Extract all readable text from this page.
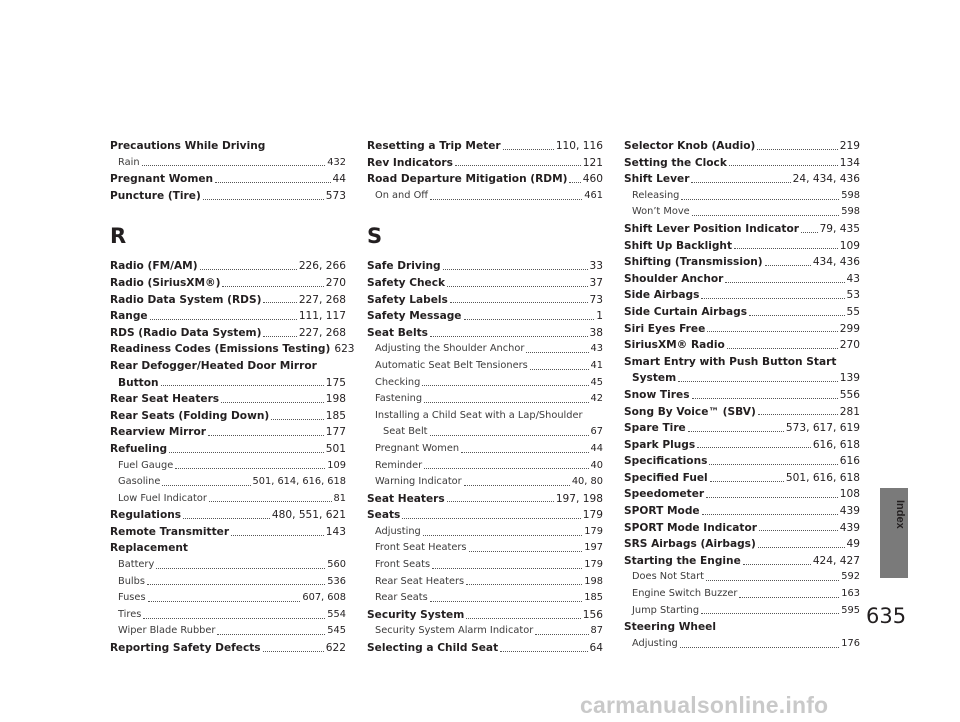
Precautions While Driving
Rain	432
Pregnant Women	44
Puncture (Tire)	573
R
Radio (FM/AM)	226, 266
Radio (SiriusXM®)	270
Radio Data System (RDS)	227, 268
Range	111, 117
RDS (Radio Data System)	227, 268
Readiness Codes (Emissions Testing) 623
Rear Defogger/Heated Door Mirror
Button	175
Rear Seat Heaters	198
Rear Seats (Folding Down)	185
Rearview Mirror	177
Refueling	501
Fuel Gauge	109
Gasoline	501, 614, 616, 618
Low Fuel Indicator	81
Regulations	480, 551, 621
Remote Transmitter	143
Replacement
Battery	560
Bulbs	536
Fuses	607, 608
Tires	554
Wiper Blade Rubber	545
Reporting Safety Defects	622
Resetting a Trip Meter	110, 116
Rev Indicators	121
Road Departure Mitigation (RDM) 460
On and Off	461
S
Safe Driving	33
Safety Check	37
Safety Labels	73
Safety Message	1
Seat Belts	38
Adjusting the Shoulder Anchor	43
Automatic Seat Belt Tensioners	41
Checking	45
Fastening	42
Installing a Child Seat with a Lap/Shoulder
Seat Belt	67
Pregnant Women	44
Reminder	40
Warning Indicator	40, 80
Seat Heaters	197, 198
Seats	179
Adjusting	179
Front Seat Heaters	197
Front Seats	179
Rear Seat Heaters	198
Rear Seats	185
Security System	156
Security System Alarm Indicator	87
Selecting a Child Seat	64
Selector Knob (Audio)	219
Setting the Clock	134
Shift Lever	24, 434, 436
Releasing	598
Won’t Move	598
Shift Lever Position Indicator 79, 435
Shift Up Backlight	109
Shifting (Transmission)	434, 436
Shoulder Anchor	43
Side Airbags	53
Side Curtain Airbags	55
Siri Eyes Free	299
SiriusXM® Radio	270
Smart Entry with Push Button Start
System	139
Snow Tires	556
Song By Voice™ (SBV)	281
Spare Tire	573, 617, 619
Spark Plugs	616, 618
Specifications	616
Specified Fuel	501, 616, 618
Speedometer	108
SPORT Mode	439
SPORT Mode Indicator	439
SRS Airbags (Airbags)	49
Starting the Engine	424, 427
Does Not Start	592
Engine Switch Buzzer	163
Jump Starting	595
Steering Wheel
Adjusting	176
Index
635
carmanualsonline.info
